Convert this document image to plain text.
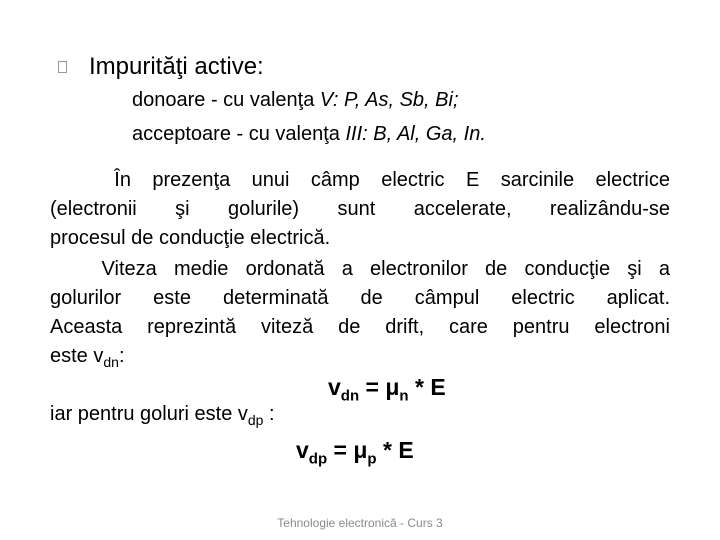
Impurităţi active:
donoare - cu valenţa V: P, As, Sb, Bi;
acceptoare - cu valenţa III: B, Al, Ga, In.
În prezenţa unui câmp electric E sarcinile electrice
(electronii şi golurile) sunt accelerate, realizându-se
procesul de conducţie electrică.
Viteza medie ordonată a electronilor de conducţie şi a
golurilor este determinată de câmpul electric aplicat.
Aceasta reprezintă viteză de drift, care pentru electroni
este $v_{dn}$:
$v_{dn} = \mu_n * E$
iar pentru goluri este $v_{dp}$ :
$v_{dp} = \mu_p * E$
Tehnologie electronică - Curs 3
